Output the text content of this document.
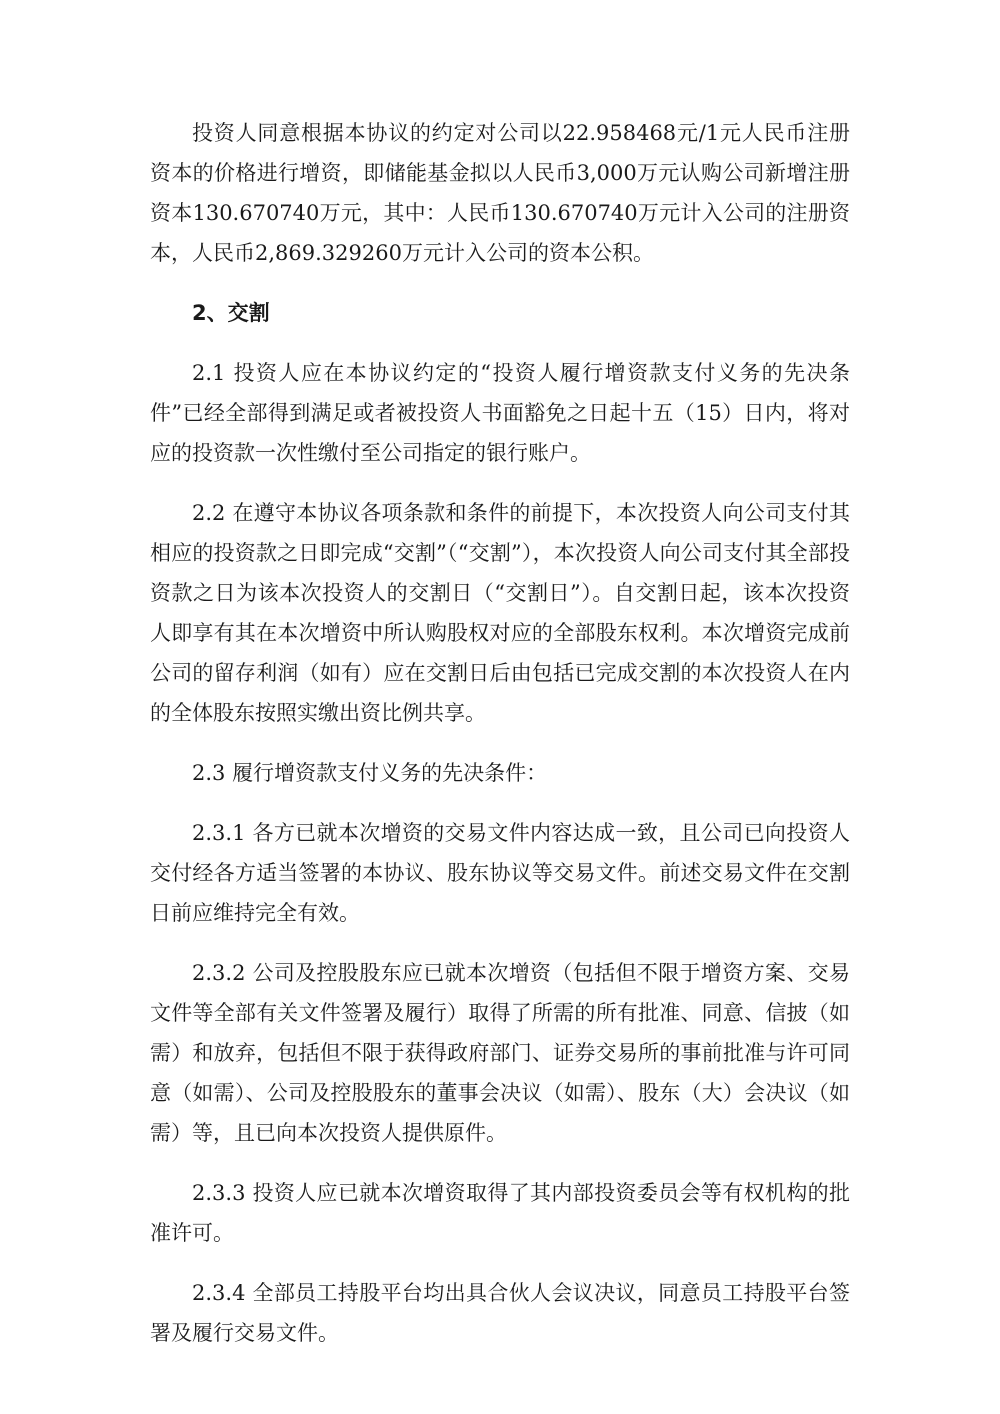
投资人同意根据本协议的约定对公司以22.958468元/1元人民币注册资本的价格进行增资，即储能基金拟以人民币3,000万元认购公司新增注册资本130.670740万元，其中：人民币130.670740万元计入公司的注册资本，人民币2,869.329260万元计入公司的资本公积。

2、交割

2.1 投资人应在本协议约定的“投资人履行增资款支付义务的先决条件”已经全部得到满足或者被投资人书面豁免之日起十五（15）日内，将对应的投资款一次性缴付至公司指定的银行账户。

2.2 在遵守本协议各项条款和条件的前提下，本次投资人向公司支付其相应的投资款之日即完成“交割”（“交割”），本次投资人向公司支付其全部投资款之日为该本次投资人的交割日（“交割日”）。自交割日起，该本次投资人即享有其在本次增资中所认购股权对应的全部股东权利。本次增资完成前公司的留存利润（如有）应在交割日后由包括已完成交割的本次投资人在内的全体股东按照实缴出资比例共享。

2.3 履行增资款支付义务的先决条件：

2.3.1 各方已就本次增资的交易文件内容达成一致，且公司已向投资人交付经各方适当签署的本协议、股东协议等交易文件。前述交易文件在交割日前应维持完全有效。

2.3.2 公司及控股股东应已就本次增资（包括但不限于增资方案、交易文件等全部有关文件签署及履行）取得了所需的所有批准、同意、信披（如需）和放弃，包括但不限于获得政府部门、证券交易所的事前批准与许可同意（如需）、公司及控股股东的董事会决议（如需）、股东（大）会决议（如需）等，且已向本次投资人提供原件。

2.3.3 投资人应已就本次增资取得了其内部投资委员会等有权机构的批准许可。

2.3.4 全部员工持股平台均出具合伙人会议决议，同意员工持股平台签署及履行交易文件。
